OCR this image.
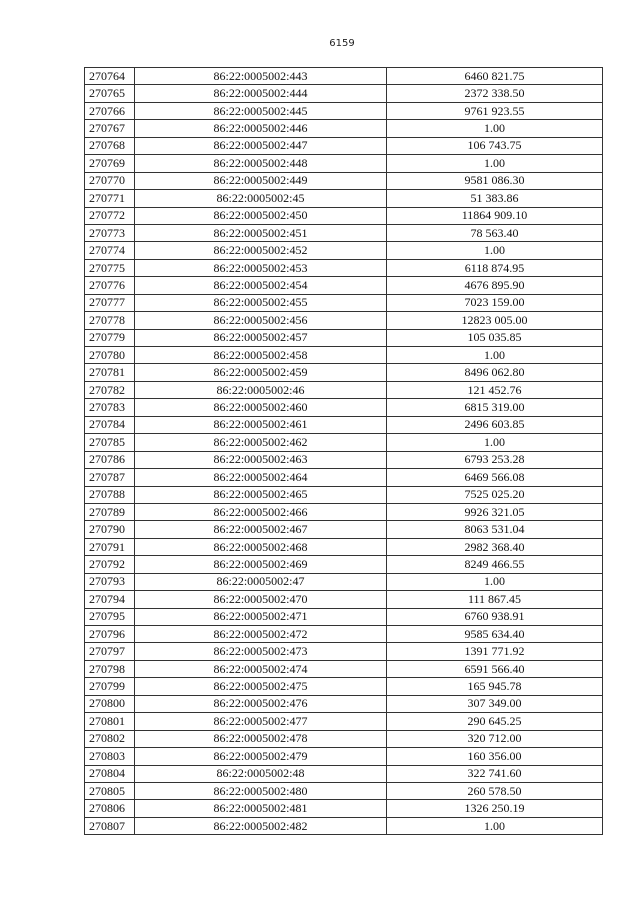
6159
270764	86:22:0005002:443	6460 821.75
270765	86:22:0005002:444	2372 338.50
270766	86:22:0005002:445	9761 923.55
270767	86:22:0005002:446	1.00
270768	86:22:0005002:447	106 743.75
270769	86:22:0005002:448	1.00
270770	86:22:0005002:449	9581 086.30
270771	86:22:0005002:45	51 383.86
270772	86:22:0005002:450	11864 909.10
270773	86:22:0005002:451	78 563.40
270774	86:22:0005002:452	1.00
270775	86:22:0005002:453	6118 874.95
270776	86:22:0005002:454	4676 895.90
270777	86:22:0005002:455	7023 159.00
270778	86:22:0005002:456	12823 005.00
270779	86:22:0005002:457	105 035.85
270780	86:22:0005002:458	1.00
270781	86:22:0005002:459	8496 062.80
270782	86:22:0005002:46	121 452.76
270783	86:22:0005002:460	6815 319.00
270784	86:22:0005002:461	2496 603.85
270785	86:22:0005002:462	1.00
270786	86:22:0005002:463	6793 253.28
270787	86:22:0005002:464	6469 566.08
270788	86:22:0005002:465	7525 025.20
270789	86:22:0005002:466	9926 321.05
270790	86:22:0005002:467	8063 531.04
270791	86:22:0005002:468	2982 368.40
270792	86:22:0005002:469	8249 466.55
270793	86:22:0005002:47	1.00
270794	86:22:0005002:470	111 867.45
270795	86:22:0005002:471	6760 938.91
270796	86:22:0005002:472	9585 634.40
270797	86:22:0005002:473	1391 771.92
270798	86:22:0005002:474	6591 566.40
270799	86:22:0005002:475	165 945.78
270800	86:22:0005002:476	307 349.00
270801	86:22:0005002:477	290 645.25
270802	86:22:0005002:478	320 712.00
270803	86:22:0005002:479	160 356.00
270804	86:22:0005002:48	322 741.60
270805	86:22:0005002:480	260 578.50
270806	86:22:0005002:481	1326 250.19
270807	86:22:0005002:482	1.00
